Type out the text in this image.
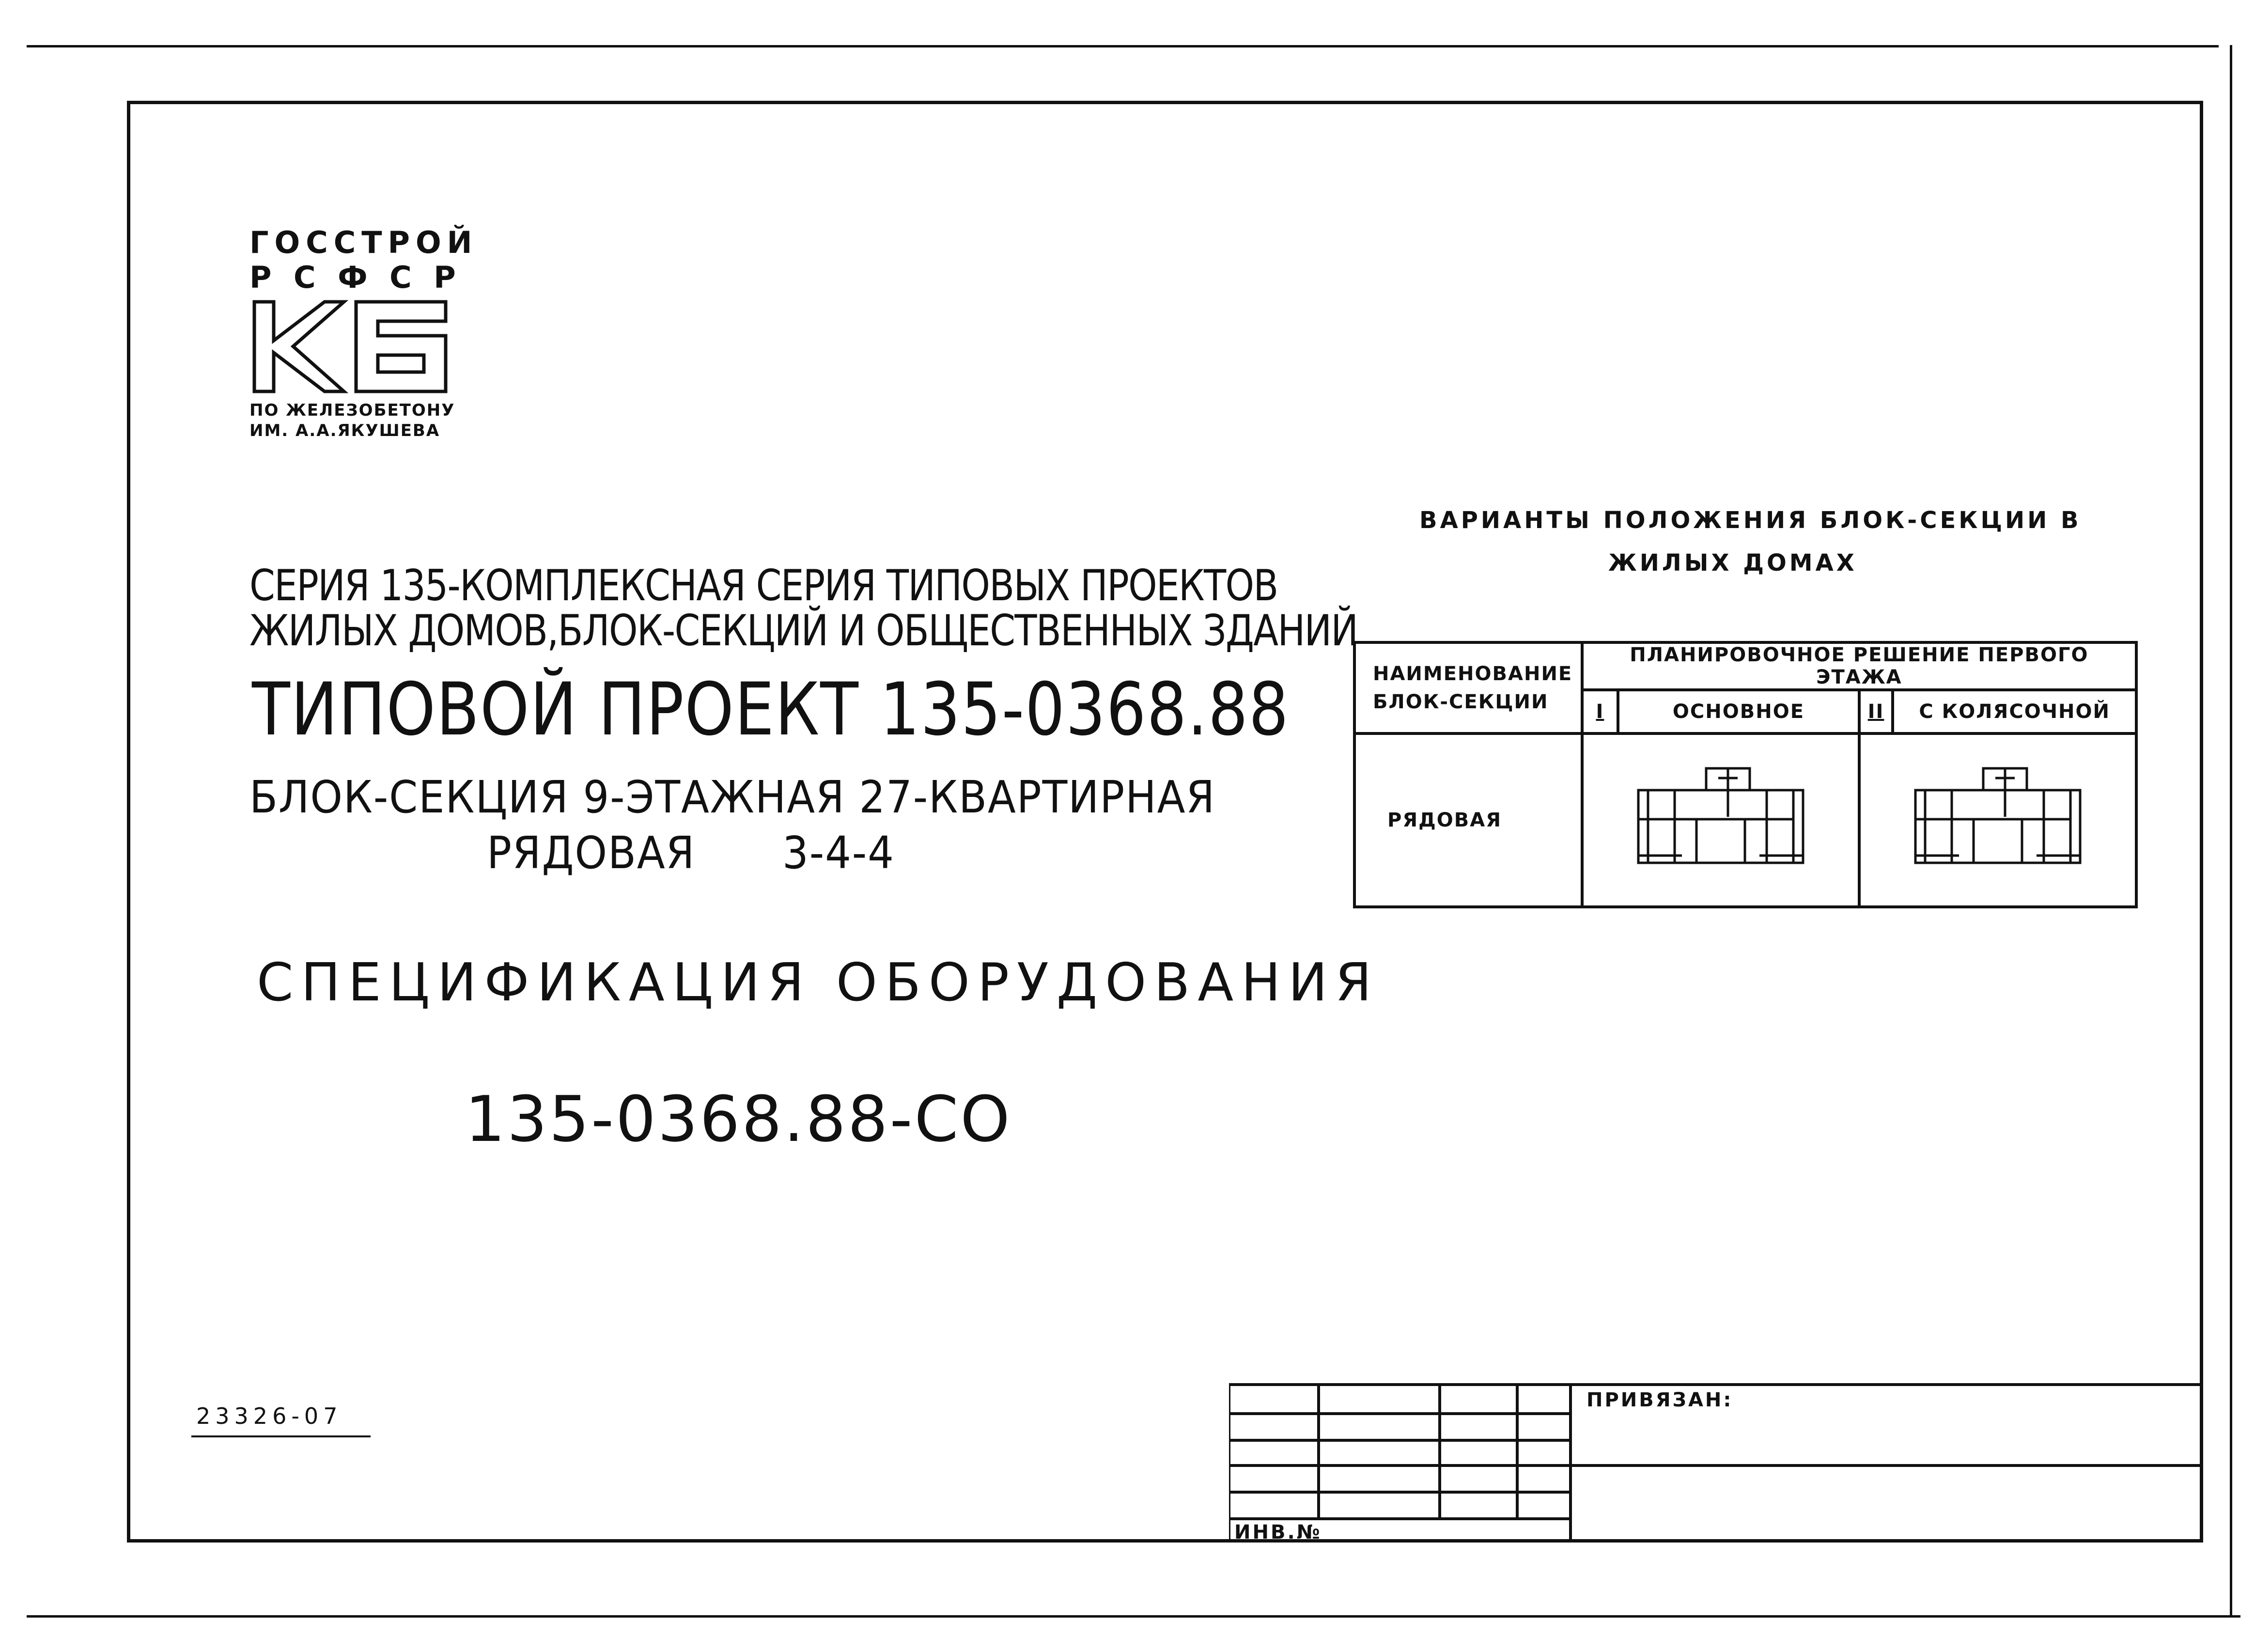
ГОССТРОЙ
Р С Ф С Р
ПО ЖЕЛЕЗОБЕТОНУ
ИМ. А.А.ЯКУШЕВА
СЕРИЯ 135-КОМПЛЕКСНАЯ СЕРИЯ ТИПОВЫХ ПРОЕКТОВ
ЖИЛЫХ ДОМОВ,БЛОК-СЕКЦИЙ И ОБЩЕСТВЕННЫХ ЗДАНИЙ
ТИПОВОЙ ПРОЕКТ 135-0368.88
БЛОК-СЕКЦИЯ 9-ЭТАЖНАЯ 27-КВАРТИРНАЯ
РЯДОВАЯ 3-4-4
СПЕЦИФИКАЦИЯ ОБОРУДОВАНИЯ
135-0368.88-СО
ВАРИАНТЫ ПОЛОЖЕНИЯ БЛОК-СЕКЦИИ В
ЖИЛЫХ ДОМАХ
НАИМЕНОВАНИЕ
БЛОК-СЕКЦИИ	ПЛАНИРОВОЧНОЕ РЕШЕНИЕ ПЕРВОГО ЭТАЖА			
	I	ОСНОВНОЕ	II	С КОЛЯСОЧНОЙ
РЯДОВАЯ		
23326-07
ПРИВЯЗАН:
ИНВ.№
